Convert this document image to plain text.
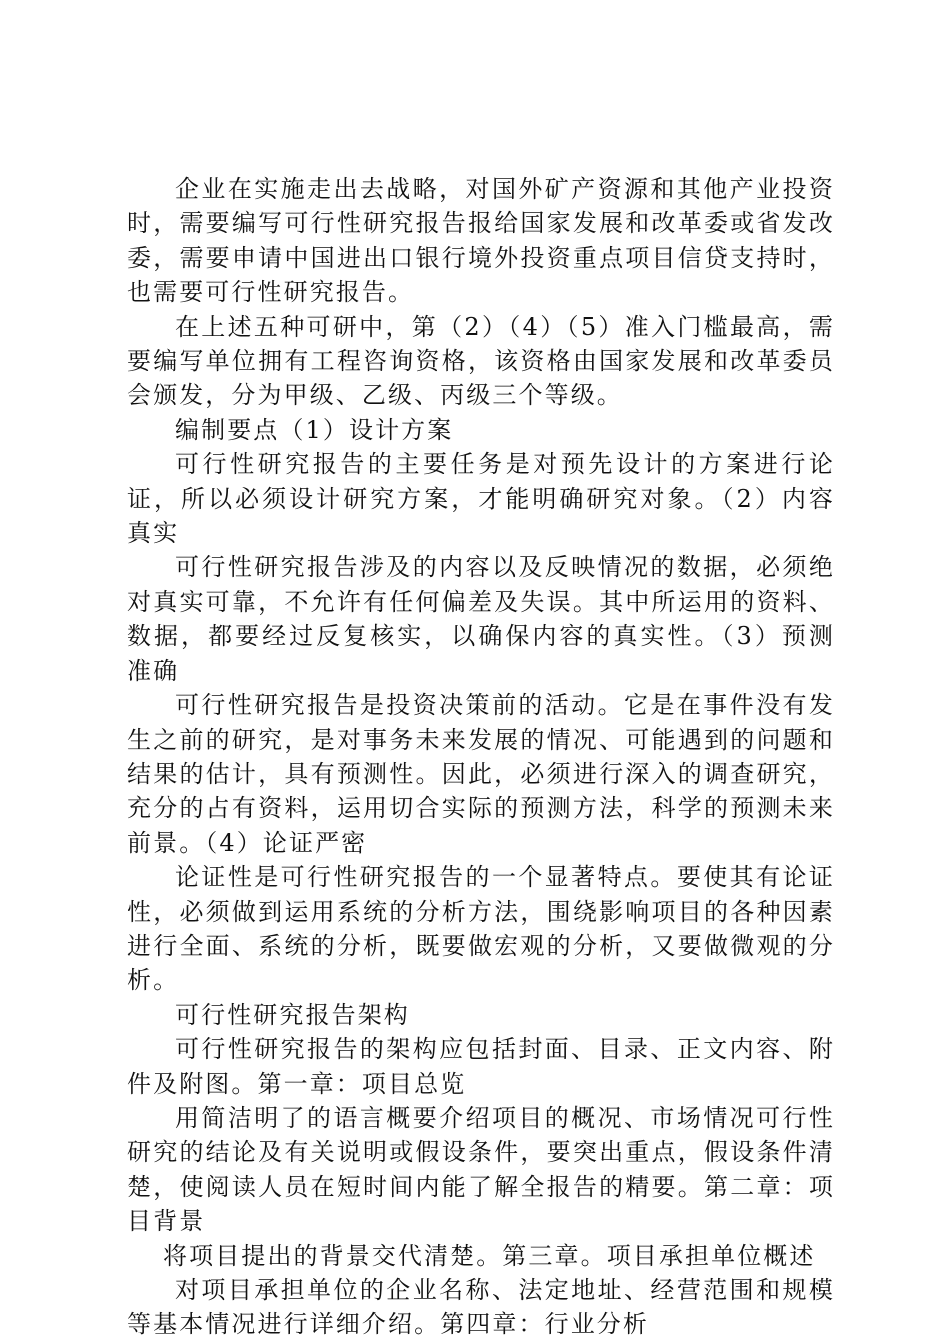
企业在实施走出去战略，对国外矿产资源和其他产业投资时，需要编写可行性研究报告报给国家发展和改革委或省发改委，需要申请中国进出口银行境外投资重点项目信贷支持时，也需要可行性研究报告。

在上述五种可研中，第（2）（4）（5）准入门槛最高，需要编写单位拥有工程咨询资格，该资格由国家发展和改革委员会颁发，分为甲级、乙级、丙级三个等级。

编制要点（1）设计方案

可行性研究报告的主要任务是对预先设计的方案进行论证，所以必须设计研究方案，才能明确研究对象。（2）内容真实

可行性研究报告涉及的内容以及反映情况的数据，必须绝对真实可靠，不允许有任何偏差及失误。其中所运用的资料、数据，都要经过反复核实，以确保内容的真实性。（3）预测准确

可行性研究报告是投资决策前的活动。它是在事件没有发生之前的研究，是对事务未来发展的情况、可能遇到的问题和结果的估计，具有预测性。因此，必须进行深入的调查研究，充分的占有资料，运用切合实际的预测方法，科学的预测未来前景。（4）论证严密

论证性是可行性研究报告的一个显著特点。要使其有论证性，必须做到运用系统的分析方法，围绕影响项目的各种因素进行全面、系统的分析，既要做宏观的分析，又要做微观的分析。

可行性研究报告架构

可行性研究报告的架构应包括封面、目录、正文内容、附件及附图。第一章：项目总览

用简洁明了的语言概要介绍项目的概况、市场情况可行性研究的结论及有关说明或假设条件，要突出重点，假设条件清楚，使阅读人员在短时间内能了解全报告的精要。第二章：项目背景

将项目提出的背景交代清楚。第三章。项目承担单位概述

对项目承担单位的企业名称、法定地址、经营范围和规模等基本情况进行详细介绍。第四章：行业分析
